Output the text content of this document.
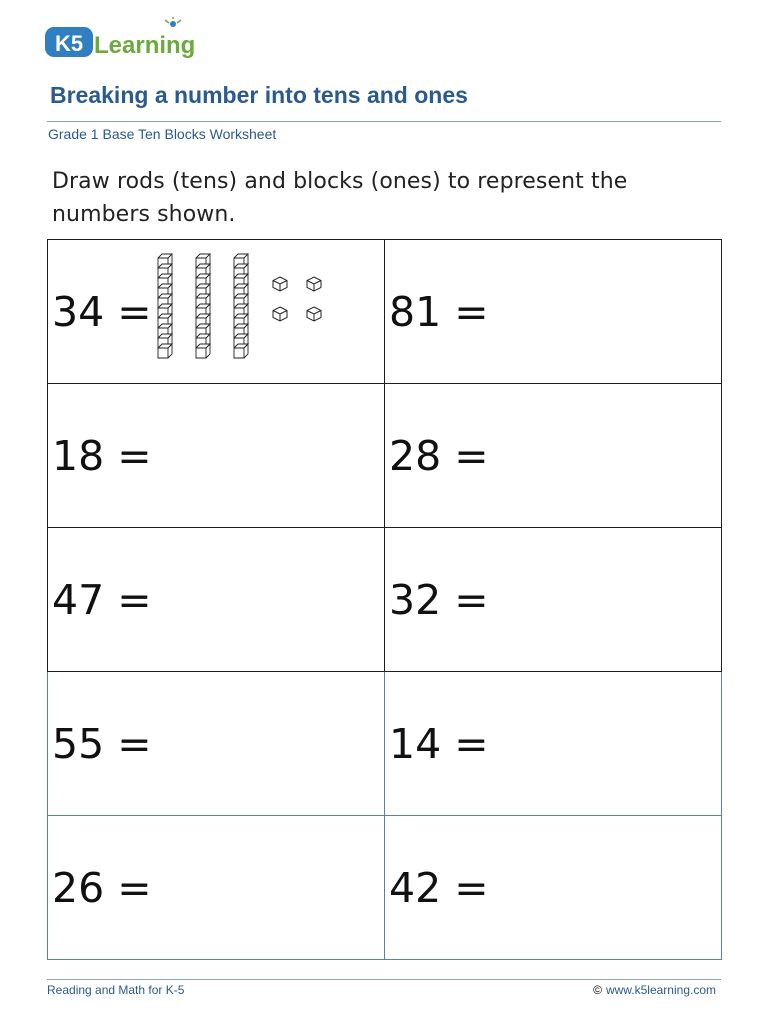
K5 Learning
Breaking a number into tens and ones
Grade 1 Base Ten Blocks Worksheet
Draw rods (tens) and blocks (ones) to represent the numbers shown.
34 =	81 =
18 =	28 =
47 =	32 =
55 =	14 =
26 =	42 =
Reading and Math for K-5	© www.k5learning.com
